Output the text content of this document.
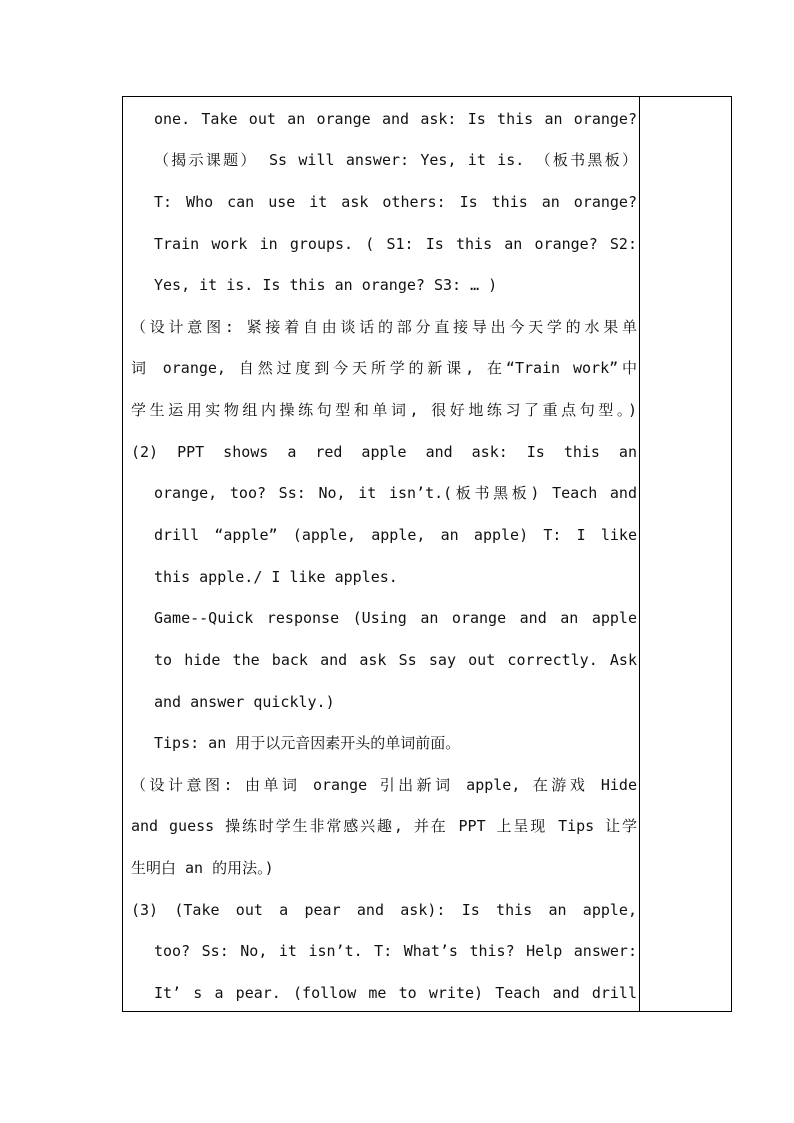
one. Take out an orange and ask: Is this an orange?
（揭示课题） Ss will answer: Yes, it is. （板书黑板）
T: Who can use it ask others: Is this an orange?
Train work in groups. ( S1: Is this an orange? S2:
Yes, it is. Is this an orange? S3: … )
（设计意图: 紧接着自由谈话的部分直接导出今天学的水果单
词 orange, 自然过度到今天所学的新课, 在“Train work”中
学生运用实物组内操练句型和单词, 很好地练习了重点句型。)
(2) PPT shows a red apple and ask: Is this an
orange, too? Ss: No, it isn’t.(板书黑板) Teach and
drill “apple” (apple, apple, an apple) T: I like
this apple./ I like apples.
Game--Quick response (Using an orange and an apple
to hide the back and ask Ss say out correctly. Ask
and answer quickly.)
Tips: an 用于以元音因素开头的单词前面。
（设计意图: 由单词 orange 引出新词 apple, 在游戏 Hide
and guess 操练时学生非常感兴趣, 并在 PPT 上呈现 Tips 让学
生明白 an 的用法。)
(3) (Take out a pear and ask): Is this an apple,
too? Ss: No, it isn’t. T: What’s this? Help answer:
It’ s a pear. (follow me to write) Teach and drill
